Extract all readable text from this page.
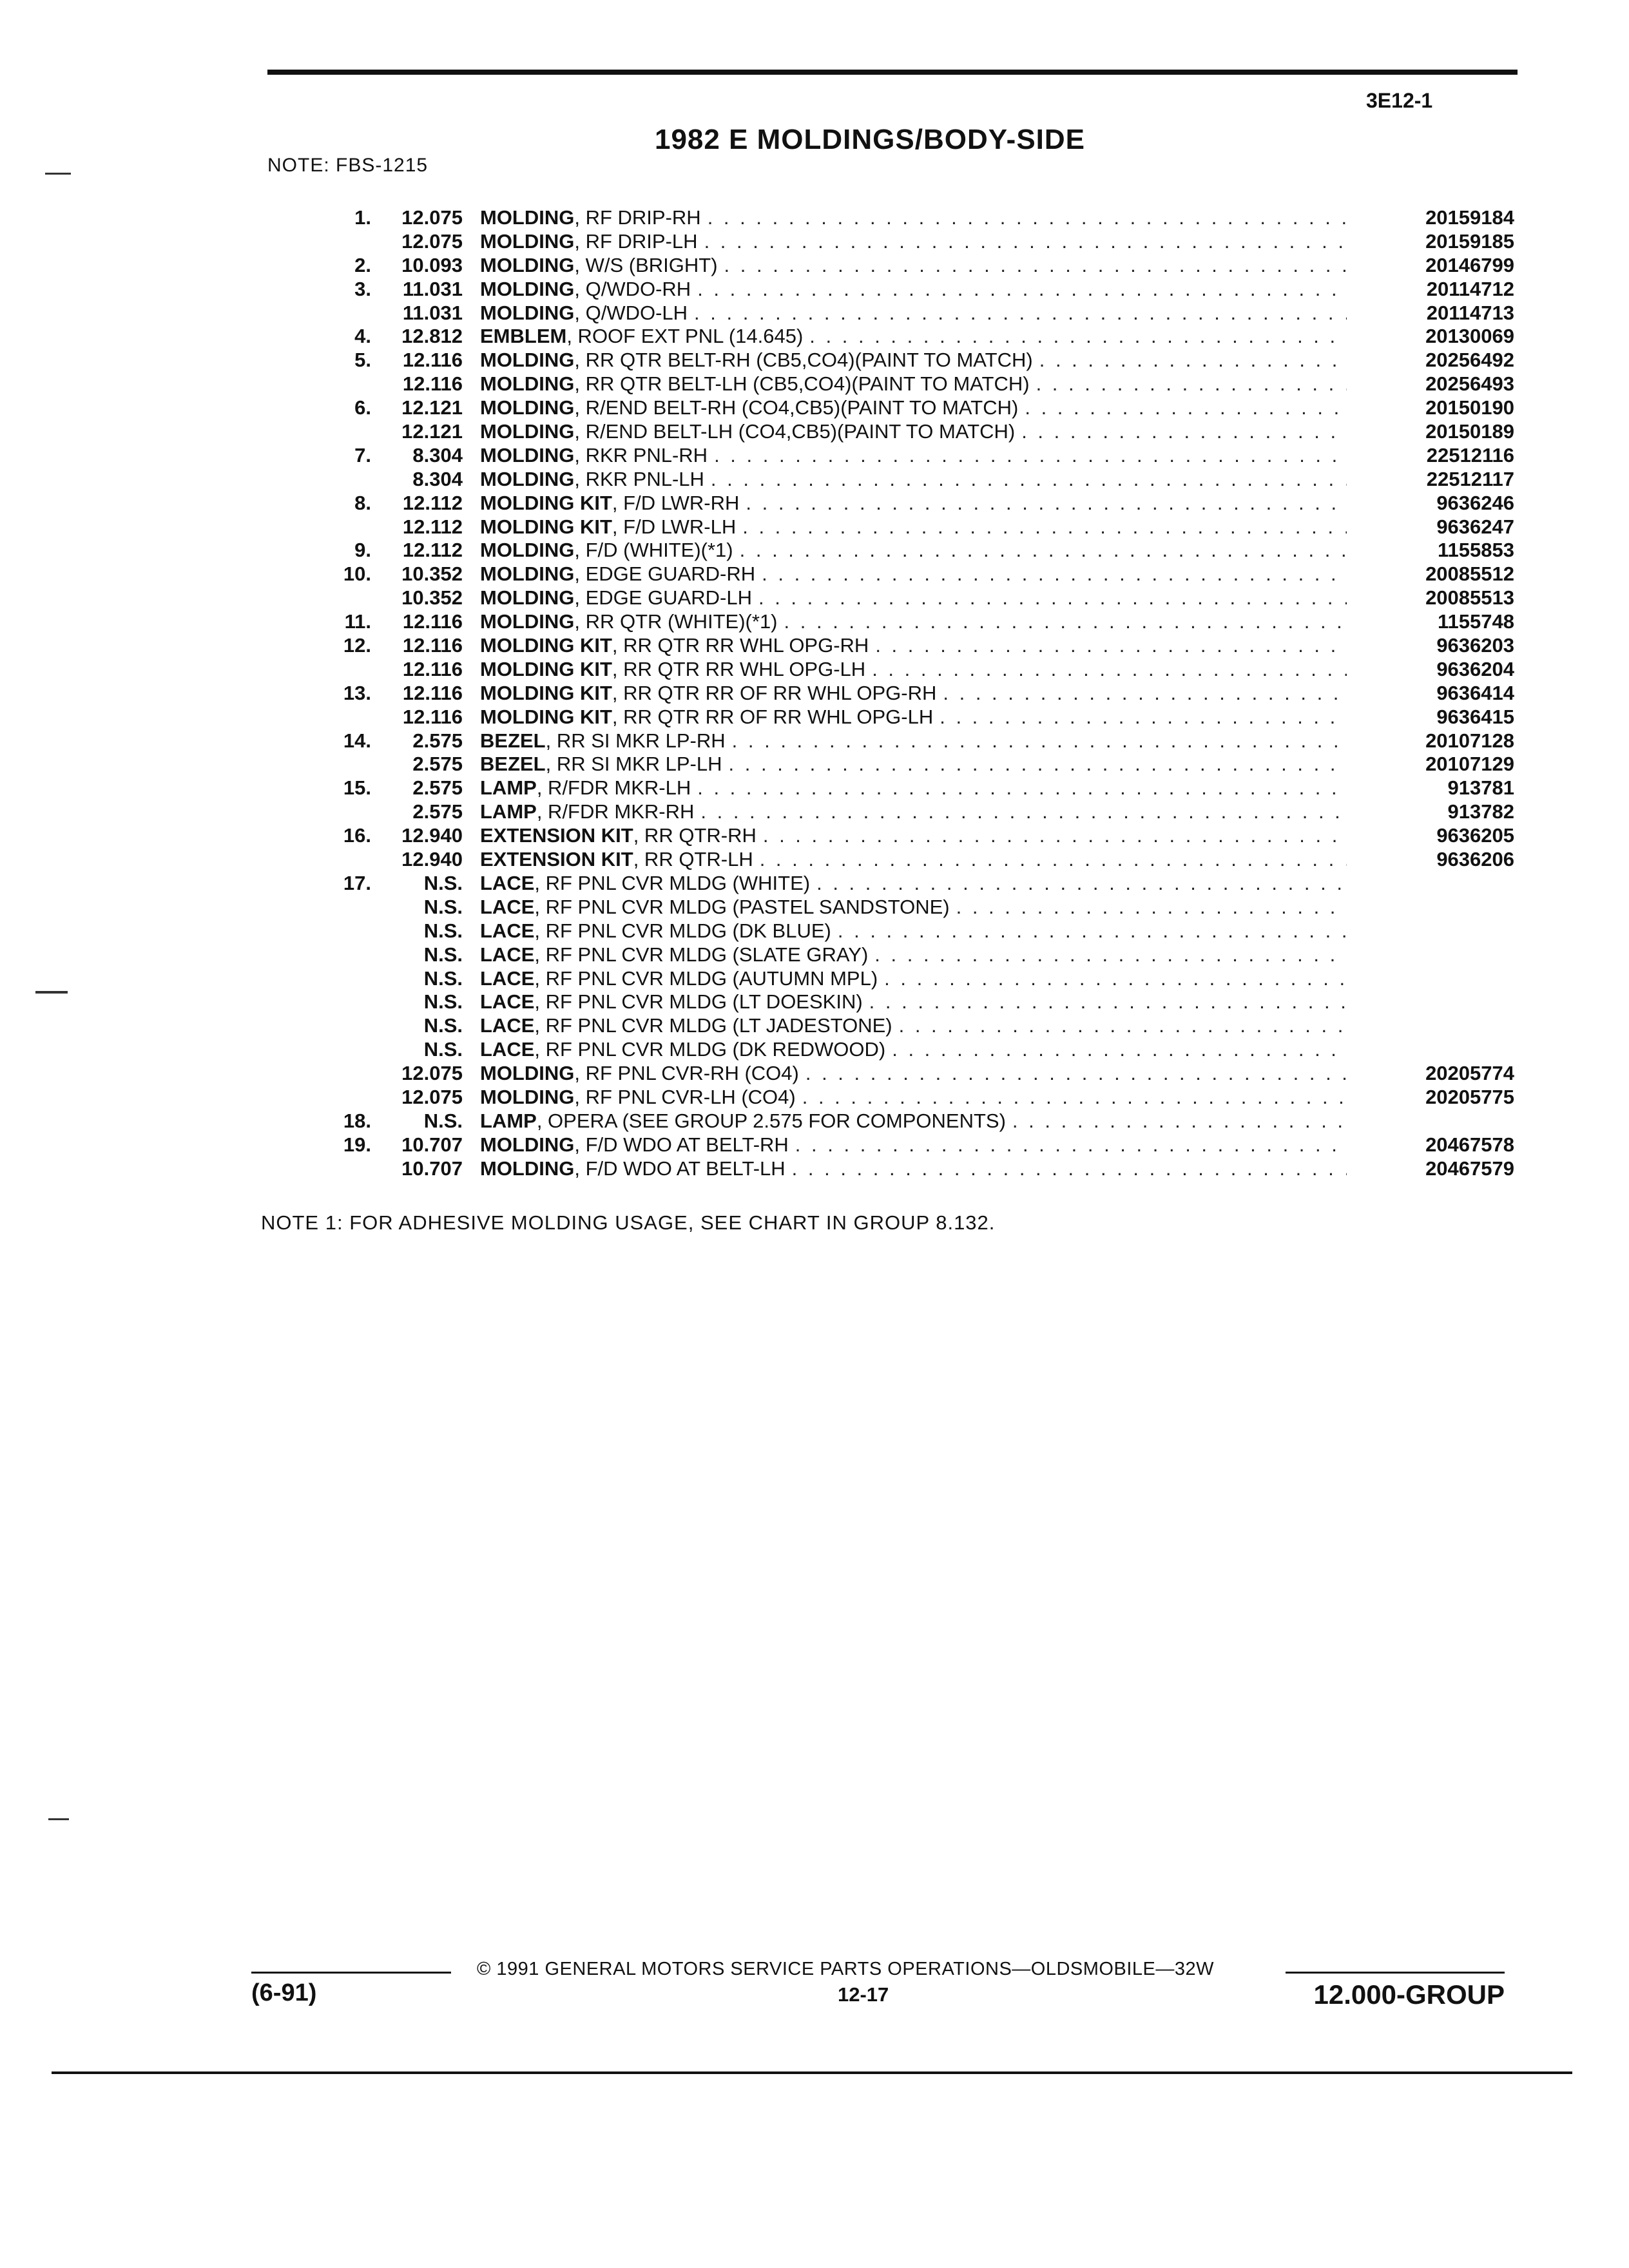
3E12-1
1982 E MOLDINGS/BODY-SIDE
NOTE: FBS-1215
1.	12.075 MOLDING , RF DRIP-RH . . .	20159184
12.075 MOLDING , RF DRIP-LH . . .	20159185
2.	10.093 MOLDING , W/S (BRIGHT) . . .	20146799
3.	11.031 MOLDING , Q/WDO-RH . . .	20114712
11.031 MOLDING , Q/WDO-LH . . .	20114713
4.	12.812 EMBLEM , ROOF EXT PNL (14.645) . . .	20130069
5.	12.116 MOLDING , RR QTR BELT-RH (CB5,CO4)(PAINT TO MATCH) . . .	20256492
12.116 MOLDING , RR QTR BELT-LH (CB5,CO4)(PAINT TO MATCH) . . .	20256493
6.	12.121 MOLDING , R/END BELT-RH (CO4,CB5)(PAINT TO MATCH) . . .	20150190
12.121 MOLDING , R/END BELT-LH (CO4,CB5)(PAINT TO MATCH) . . .	20150189
7.	8.304 MOLDING , RKR PNL-RH . . .	22512116
8.304 MOLDING , RKR PNL-LH . . .	22512117
8.	12.112 MOLDING KIT , F/D LWR-RH . . .	9636246
12.112 MOLDING KIT , F/D LWR-LH . . .	9636247
9.	12.112 MOLDING , F/D (WHITE)(*1) . . .	1155853
10.	10.352 MOLDING , EDGE GUARD-RH . . .	20085512
10.352 MOLDING , EDGE GUARD-LH . . .	20085513
11.	12.116 MOLDING , RR QTR (WHITE)(*1) . . .	1155748
12.	12.116 MOLDING KIT , RR QTR RR WHL OPG-RH . . .	9636203
12.116 MOLDING KIT , RR QTR RR WHL OPG-LH . . .	9636204
13.	12.116 MOLDING KIT , RR QTR RR OF RR WHL OPG-RH . . .	9636414
12.116 MOLDING KIT , RR QTR RR OF RR WHL OPG-LH . . .	9636415
14.	2.575 BEZEL , RR SI MKR LP-RH . . .	20107128
2.575 BEZEL , RR SI MKR LP-LH . . .	20107129
15.	2.575 LAMP , R/FDR MKR-LH . . .	913781
2.575 LAMP , R/FDR MKR-RH . . .	913782
16.	12.940 EXTENSION KIT , RR QTR-RH . . .	9636205
12.940 EXTENSION KIT , RR QTR-LH . . .	9636206
17.	N.S. LACE , RF PNL CVR MLDG (WHITE)
. . .
N.S. LACE , RF PNL CVR MLDG (PASTEL SANDSTONE)
. . .
N.S. LACE , RF PNL CVR MLDG (DK BLUE)
. . .
N.S. LACE , RF PNL CVR MLDG (SLATE GRAY)
. . .
N.S. LACE , RF PNL CVR MLDG (AUTUMN MPL)
. . .
N.S. LACE , RF PNL CVR MLDG (LT DOESKIN)
. . .
N.S. LACE , RF PNL CVR MLDG (LT JADESTONE)
. . .
N.S. LACE , RF PNL CVR MLDG (DK REDWOOD)
. . .
12.075 MOLDING , RF PNL CVR-RH (CO4) . . .	20205774
12.075 MOLDING , RF PNL CVR-LH (CO4) . . .	20205775
18.	N.S. LAMP , OPERA (SEE GROUP 2.575 FOR COMPONENTS)
. . .
19.	10.707 MOLDING , F/D WDO AT BELT-RH . . .	20467578
10.707 MOLDING , F/D WDO AT BELT-LH . . .	20467579
NOTE 1: FOR ADHESIVE MOLDING USAGE, SEE CHART IN GROUP 8.132.
© 1991 GENERAL MOTORS SERVICE PARTS OPERATIONS—OLDSMOBILE—32W
(6-91)	12-17	12.000-GROUP
